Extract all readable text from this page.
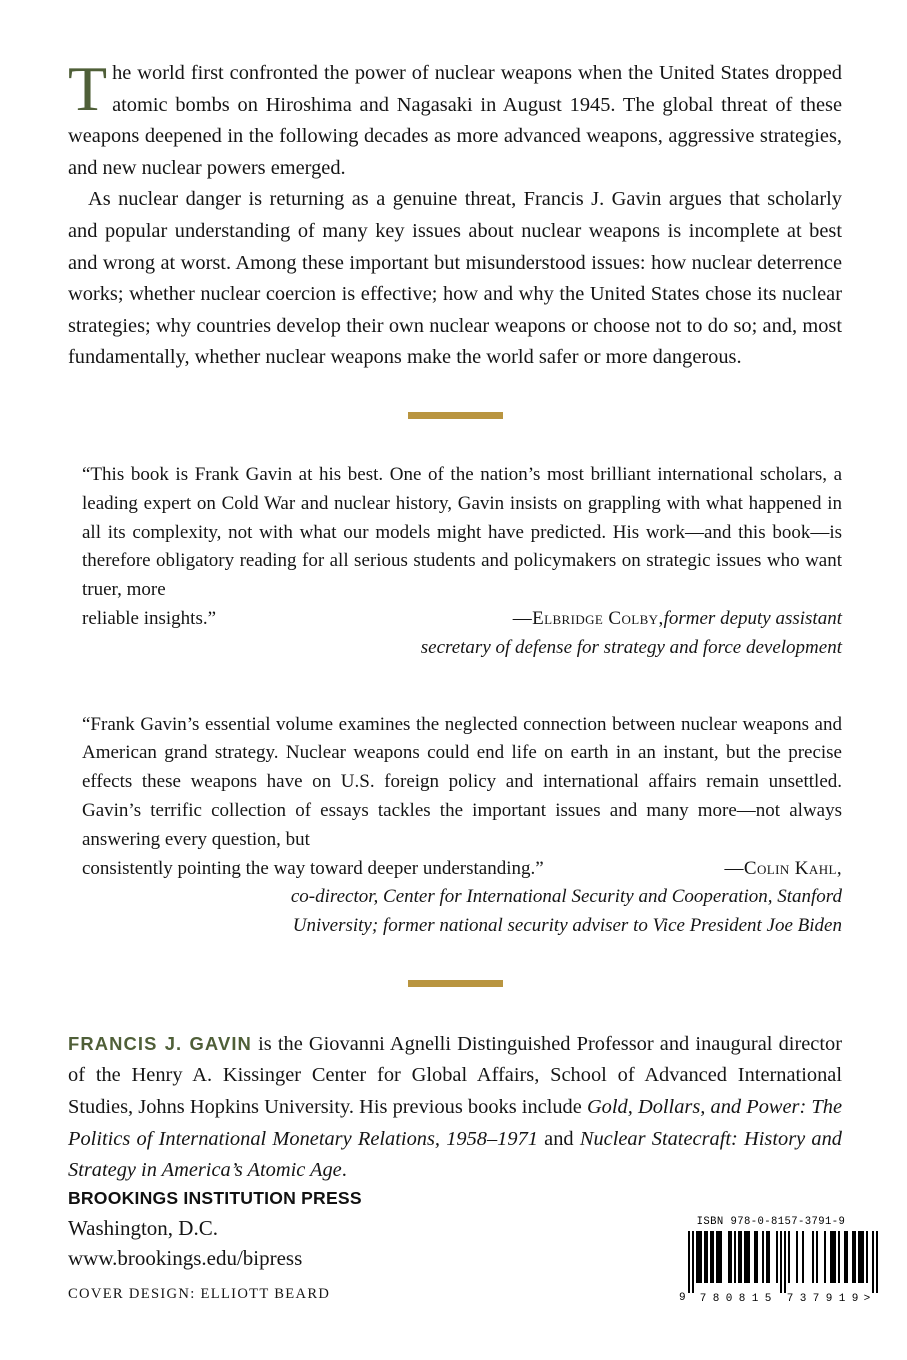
The world first confronted the power of nuclear weapons when the United States dropped atomic bombs on Hiroshima and Nagasaki in August 1945. The global threat of these weapons deepened in the following decades as more advanced weapons, aggressive strategies, and new nuclear powers emerged.

As nuclear danger is returning as a genuine threat, Francis J. Gavin argues that scholarly and popular understanding of many key issues about nuclear weapons is incomplete at best and wrong at worst. Among these important but misunderstood issues: how nuclear deterrence works; whether nuclear coercion is effective; how and why the United States chose its nuclear strategies; why countries develop their own nuclear weapons or choose not to do so; and, most fundamentally, whether nuclear weapons make the world safer or more dangerous.

“This book is Frank Gavin at his best. One of the nation’s most brilliant international scholars, a leading expert on Cold War and nuclear history, Gavin insists on grappling with what happened in all its complexity, not with what our models might have predicted. His work—and this book—is therefore obligatory reading for all serious students and policymakers on strategic issues who want truer, more

reliable insights.”	—Elbridge Colby,former deputy assistant

secretary of defense for strategy and force development

“Frank Gavin’s essential volume examines the neglected connection between nuclear weapons and American grand strategy. Nuclear weapons could end life on earth in an instant, but the precise effects these weapons have on U.S. foreign policy and international affairs remain unsettled. Gavin’s terrific collection of essays tackles the important issues and many more—not always answering every question, but

consistently pointing the way toward deeper understanding.”	—Colin Kahl,

co-director, Center for International Security and Cooperation, Stanford

University; former national security adviser to Vice President Joe Biden

FRANCIS J. GAVIN is the Giovanni Agnelli Distinguished Professor and inaugural director of the Henry A. Kissinger Center for Global Affairs, School of Advanced International Studies, Johns Hopkins University. His previous books include Gold, Dollars, and Power: The Politics of International Monetary Relations, 1958–1971 and Nuclear Statecraft: History and Strategy in America’s Atomic Age.

BROOKINGS INSTITUTION PRESS

Washington, D.C.

www.brookings.edu/bipress

COVER DESIGN: ELLIOTT BEARD
ISBN 978-0-8157-3791-9
9 7 8 0 8 1 5 7 3 7 9 1 9 >
